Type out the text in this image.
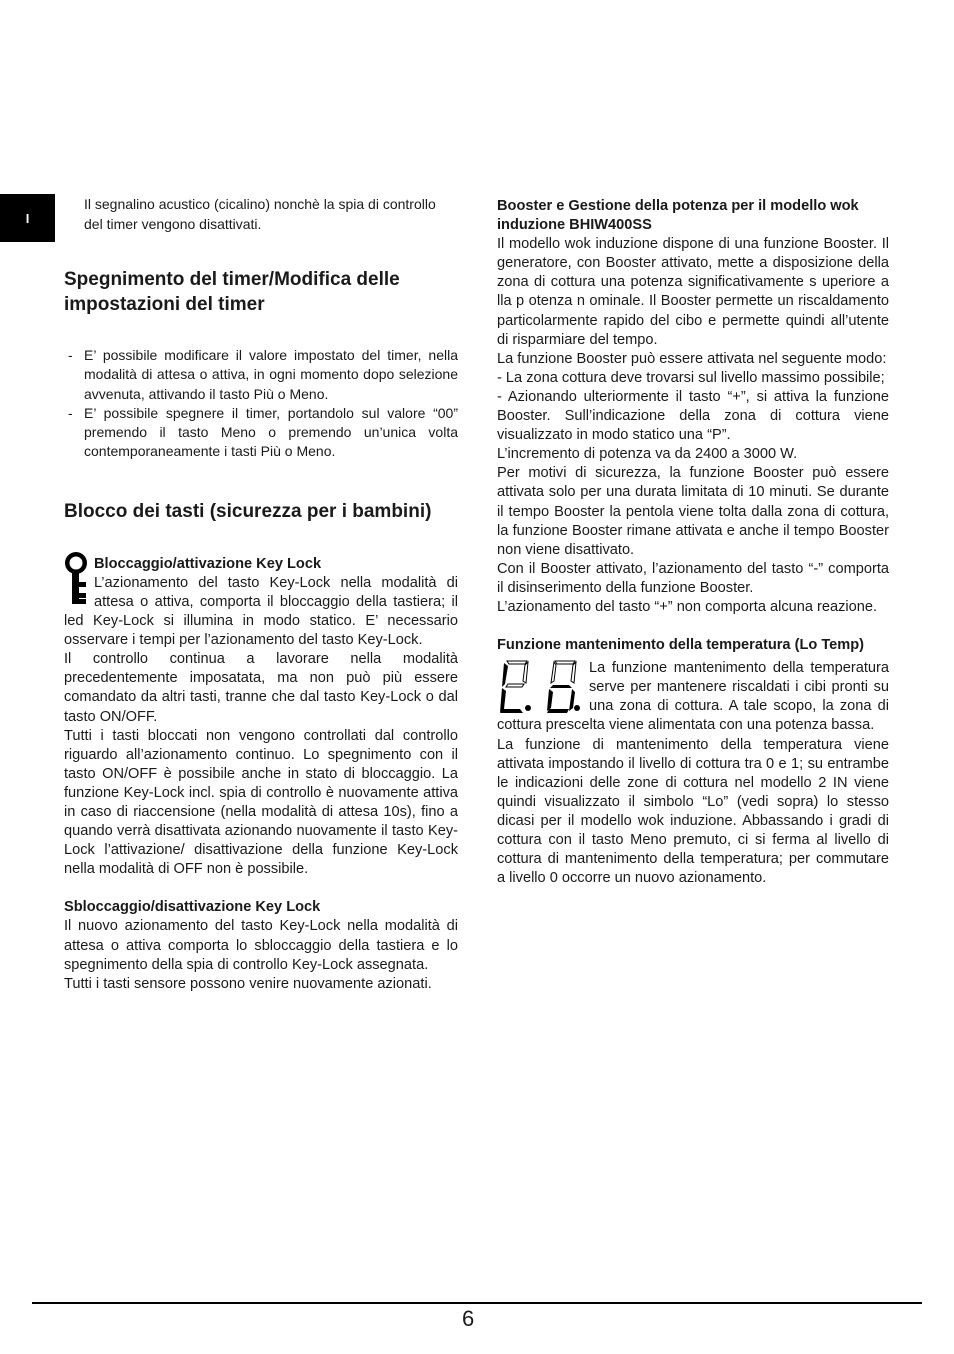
I

Il segnalino acustico (cicalino) nonchè la spia di controllo del timer vengono disattivati.

Spegnimento del timer/Modifica delle impostazioni del timer
- E’ possibile modificare il valore impostato del timer, nella modalità di attesa o attiva, in ogni momento dopo selezione avvenuta, attivando il tasto Più o Meno.
- E’ possibile spegnere il timer, portandolo sul valore “00” premendo il tasto Meno o premendo un’unica volta contemporaneamente i tasti Più o Meno.
Blocco dei tasti (sicurezza per i bambini)
Bloccaggio/attivazione Key Lock

L’azionamento del tasto Key-Lock nella modalità di attesa o attiva, comporta il bloccaggio della tastiera; il led Key-Lock si illumina in modo statico. E’ necessario osservare i tempi per l’azionamento del tasto Key-Lock.

Il controllo continua a lavorare nella modalità precedentemente imposatata, ma non può più essere comandato da altri tasti, tranne che dal tasto Key-Lock o dal tasto ON/OFF.

Tutti i tasti bloccati non vengono controllati dal controllo riguardo all’azionamento continuo. Lo spegnimento con il tasto ON/OFF è possibile anche in stato di bloccaggio. La funzione Key-Lock incl. spia di controllo è nuovamente attiva in caso di riaccensione (nella modalità di attesa 10s), fino a quando verrà disattivata azionando nuovamente il tasto Key-Lock l’attivazione/ disattivazione della funzione Key-Lock nella modalità di OFF non è possibile.

Sbloccaggio/disattivazione Key Lock

Il nuovo azionamento del tasto Key-Lock nella modalità di attesa o attiva comporta lo sbloccaggio della tastiera e lo spegnimento della spia di controllo Key-Lock assegnata.

Tutti i tasti sensore possono venire nuovamente azionati.

Booster e Gestione della potenza per il modello wok induzione BHIW400SS

Il modello wok induzione dispone di una funzione Booster. Il generatore, con Booster attivato, mette a disposizione della zona di cottura una potenza significativamente s uperiore a lla p otenza n ominale. Il Booster permette un riscaldamento particolarmente rapido del cibo e permette quindi all’utente di risparmiare del tempo.

La funzione Booster può essere attivata nel seguente modo:

- La zona cottura deve trovarsi sul livello massimo possibile;

- Azionando ulteriormente il tasto “+”, si attiva la funzione Booster. Sull’indicazione della zona di cottura viene visualizzato in modo statico una “P”.

L’incremento di potenza va da 2400 a 3000 W.

Per motivi di sicurezza, la funzione Booster può essere attivata solo per una durata limitata di 10 minuti. Se durante il tempo Booster la pentola viene tolta dalla zona di cottura, la funzione Booster rimane attivata e anche il tempo Booster non viene disattivato.

Con il Booster attivato, l’azionamento del tasto “-” comporta il disinserimento della funzione Booster.

L’azionamento del tasto “+” non comporta alcuna reazione.

Funzione mantenimento della temperatura (Lo Temp)

La funzione mantenimento della temperatura serve per mantenere riscaldati i cibi pronti su una zona di cottura. A tale scopo, la zona di cottura prescelta viene alimentata con una potenza bassa.

La funzione di mantenimento della temperatura viene attivata impostando il livello di cottura tra 0 e 1; su entrambe le indicazioni delle zone di cottura nel modello 2 IN viene quindi visualizzato il simbolo “Lo” (vedi sopra) lo stesso dicasi per il modello wok induzione. Abbassando i gradi di cottura con il tasto Meno premuto, ci si ferma al livello di cottura di mantenimento della temperatura; per commutare a livello 0 occorre un nuovo azionamento.

6
